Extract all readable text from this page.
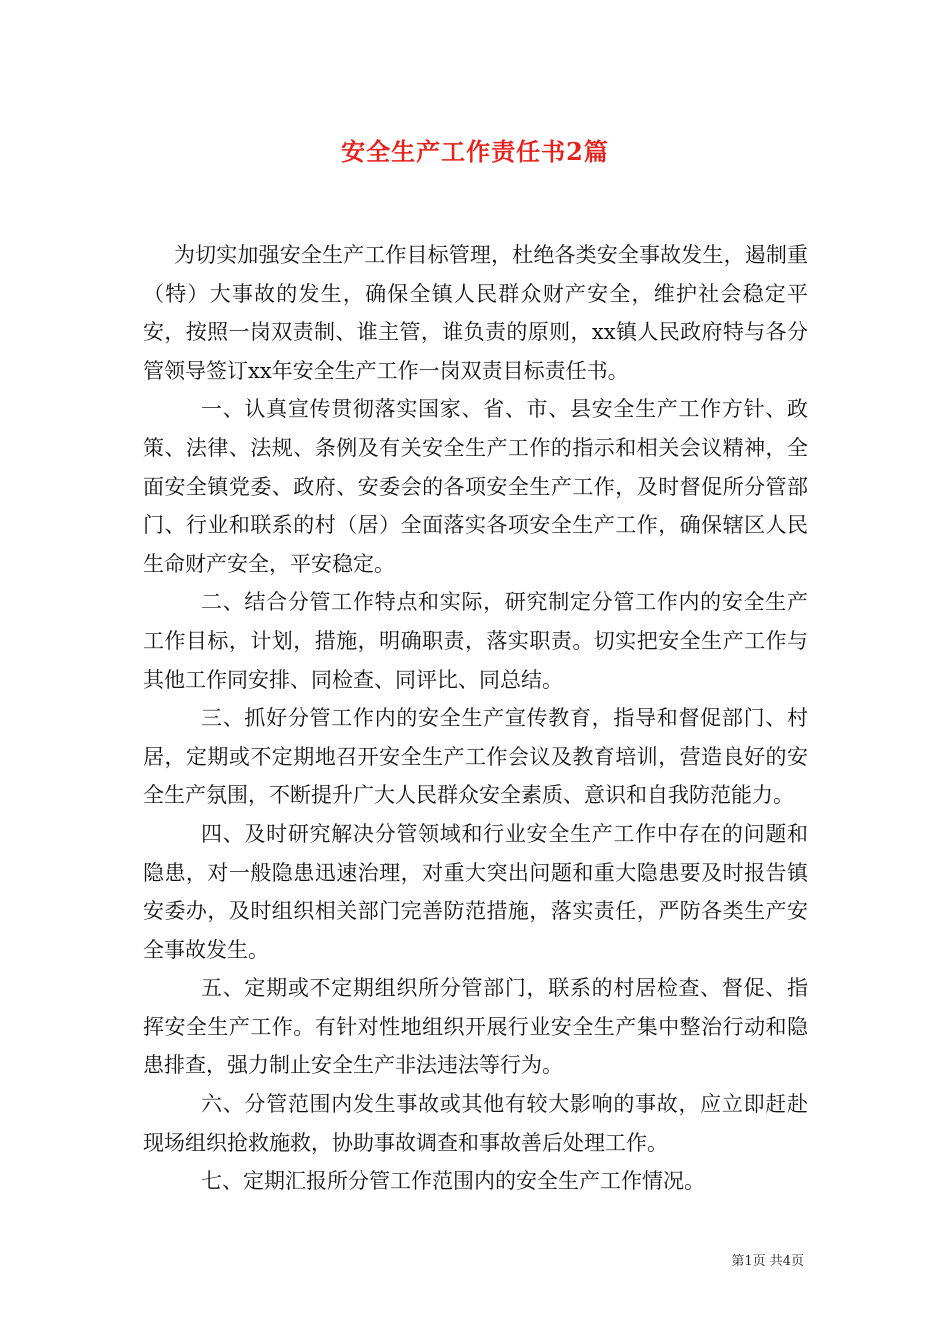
安全生产工作责任书2篇

为切实加强安全生产工作目标管理，杜绝各类安全事故发生，遏制重（特）大事故的发生，确保全镇人民群众财产安全，维护社会稳定平安，按照一岗双责制、谁主管，谁负责的原则，xx镇人民政府特与各分管领导签订xx年安全生产工作一岗双责目标责任书。

一、认真宣传贯彻落实国家、省、市、县安全生产工作方针、政策、法律、法规、条例及有关安全生产工作的指示和相关会议精神，全面安全镇党委、政府、安委会的各项安全生产工作，及时督促所分管部门、行业和联系的村（居）全面落实各项安全生产工作，确保辖区人民生命财产安全，平安稳定。

二、结合分管工作特点和实际，研究制定分管工作内的安全生产工作目标，计划，措施，明确职责，落实职责。切实把安全生产工作与其他工作同安排、同检查、同评比、同总结。

三、抓好分管工作内的安全生产宣传教育，指导和督促部门、村居，定期或不定期地召开安全生产工作会议及教育培训，营造良好的安全生产氛围，不断提升广大人民群众安全素质、意识和自我防范能力。

四、及时研究解决分管领域和行业安全生产工作中存在的问题和隐患，对一般隐患迅速治理，对重大突出问题和重大隐患要及时报告镇安委办，及时组织相关部门完善防范措施，落实责任，严防各类生产安全事故发生。

五、定期或不定期组织所分管部门，联系的村居检查、督促、指挥安全生产工作。有针对性地组织开展行业安全生产集中整治行动和隐患排查，强力制止安全生产非法违法等行为。

六、分管范围内发生事故或其他有较大影响的事故，应立即赶赴现场组织抢救施救，协助事故调查和事故善后处理工作。

七、定期汇报所分管工作范围内的安全生产工作情况。

第1页 共4页
